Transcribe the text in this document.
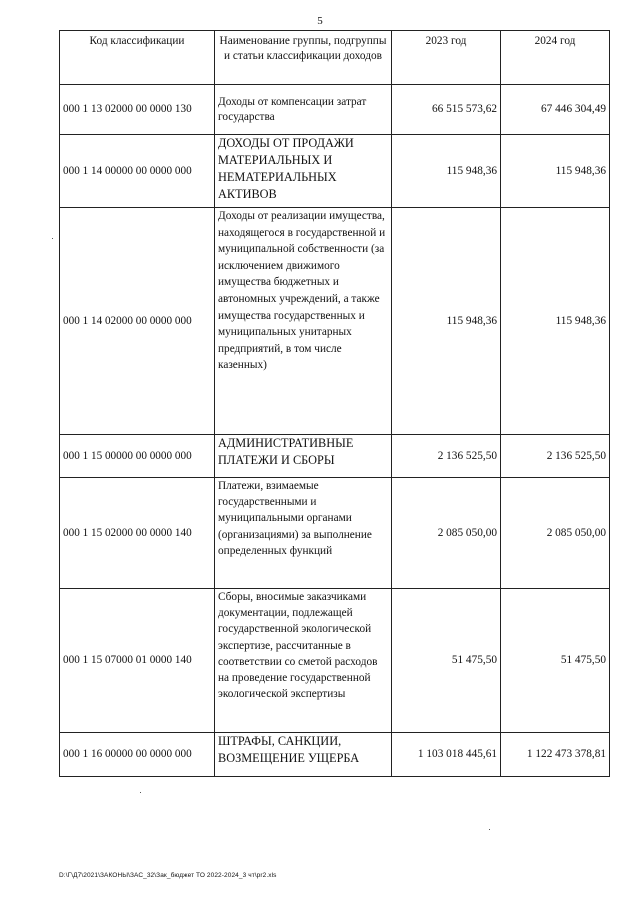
5
Код классификации	Наименование группы, подгруппы и статьи классификации доходов	2023 год	2024 год
000 1 13 02000 00 0000 130	Доходы от компенсации затрат государства	66 515 573,62	67 446 304,49
000 1 14 00000 00 0000 000	ДОХОДЫ ОТ ПРОДАЖИ МАТЕРИАЛЬНЫХ И НЕМАТЕРИАЛЬНЫХ АКТИВОВ	115 948,36	115 948,36
000 1 14 02000 00 0000 000	Доходы от реализации имущества, находящегося в государственной и муниципальной собственности (за исключением движимого имущества бюджетных и автономных учреждений, а также имущества государственных и муниципальных унитарных предприятий, в том числе казенных)	115 948,36	115 948,36
000 1 15 00000 00 0000 000	АДМИНИСТРАТИВНЫЕ ПЛАТЕЖИ И СБОРЫ	2 136 525,50	2 136 525,50
000 1 15 02000 00 0000 140	Платежи, взимаемые государственными и муниципальными органами (организациями) за выполнение определенных функций	2 085 050,00	2 085 050,00
000 1 15 07000 01 0000 140	Сборы, вносимые заказчиками документации, подлежащей государственной экологической экспертизе, рассчитанные в соответствии со сметой расходов на проведение государственной экологической экспертизы	51 475,50	51 475,50
000 1 16 00000 00 0000 000	ШТРАФЫ, САНКЦИИ, ВОЗМЕЩЕНИЕ УЩЕРБА	1 103 018 445,61	1 122 473 378,81
D:\Г\Д7\2021\ЗАКОНЫ\ЗАС_32\Зак_бюджет ТО 2022-2024_3 чт\pr2.xls
